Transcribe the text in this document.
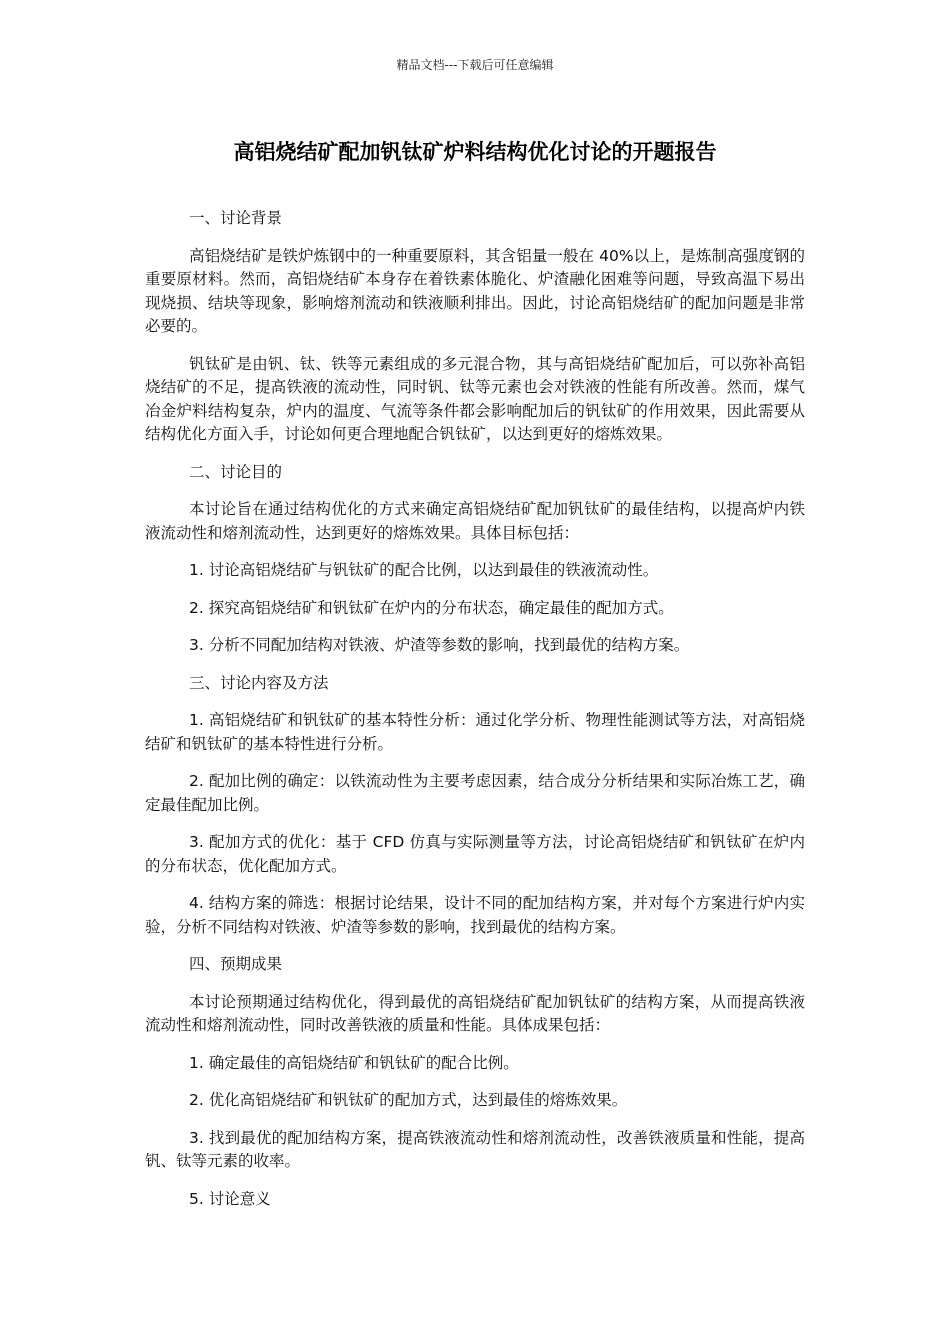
精品文档---下载后可任意编辑
高铝烧结矿配加钒钛矿炉料结构优化讨论的开题报告

一、讨论背景

高铝烧结矿是铁炉炼钢中的一种重要原料，其含铝量一般在 40%以上，是炼制高强度钢的重要原材料。然而，高铝烧结矿本身存在着铁素体脆化、炉渣融化困难等问题，导致高温下易出现烧损、结块等现象，影响熔剂流动和铁液顺利排出。因此，讨论高铝烧结矿的配加问题是非常必要的。

钒钛矿是由钒、钛、铁等元素组成的多元混合物，其与高铝烧结矿配加后，可以弥补高铝烧结矿的不足，提高铁液的流动性，同时钒、钛等元素也会对铁液的性能有所改善。然而，煤气冶金炉料结构复杂，炉内的温度、气流等条件都会影响配加后的钒钛矿的作用效果，因此需要从结构优化方面入手，讨论如何更合理地配合钒钛矿，以达到更好的熔炼效果。

二、讨论目的

本讨论旨在通过结构优化的方式来确定高铝烧结矿配加钒钛矿的最佳结构，以提高炉内铁液流动性和熔剂流动性，达到更好的熔炼效果。具体目标包括：

1. 讨论高铝烧结矿与钒钛矿的配合比例，以达到最佳的铁液流动性。

2. 探究高铝烧结矿和钒钛矿在炉内的分布状态，确定最佳的配加方式。

3. 分析不同配加结构对铁液、炉渣等参数的影响，找到最优的结构方案。

三、讨论内容及方法

1. 高铝烧结矿和钒钛矿的基本特性分析：通过化学分析、物理性能测试等方法，对高铝烧结矿和钒钛矿的基本特性进行分析。

2. 配加比例的确定：以铁流动性为主要考虑因素，结合成分分析结果和实际冶炼工艺，确定最佳配加比例。

3. 配加方式的优化：基于 CFD 仿真与实际测量等方法，讨论高铝烧结矿和钒钛矿在炉内的分布状态，优化配加方式。

4. 结构方案的筛选：根据讨论结果，设计不同的配加结构方案，并对每个方案进行炉内实验，分析不同结构对铁液、炉渣等参数的影响，找到最优的结构方案。

四、预期成果

本讨论预期通过结构优化，得到最优的高铝烧结矿配加钒钛矿的结构方案，从而提高铁液流动性和熔剂流动性，同时改善铁液的质量和性能。具体成果包括：

1. 确定最佳的高铝烧结矿和钒钛矿的配合比例。

2. 优化高铝烧结矿和钒钛矿的配加方式，达到最佳的熔炼效果。

3. 找到最优的配加结构方案，提高铁液流动性和熔剂流动性，改善铁液质量和性能，提高钒、钛等元素的收率。

5. 讨论意义
